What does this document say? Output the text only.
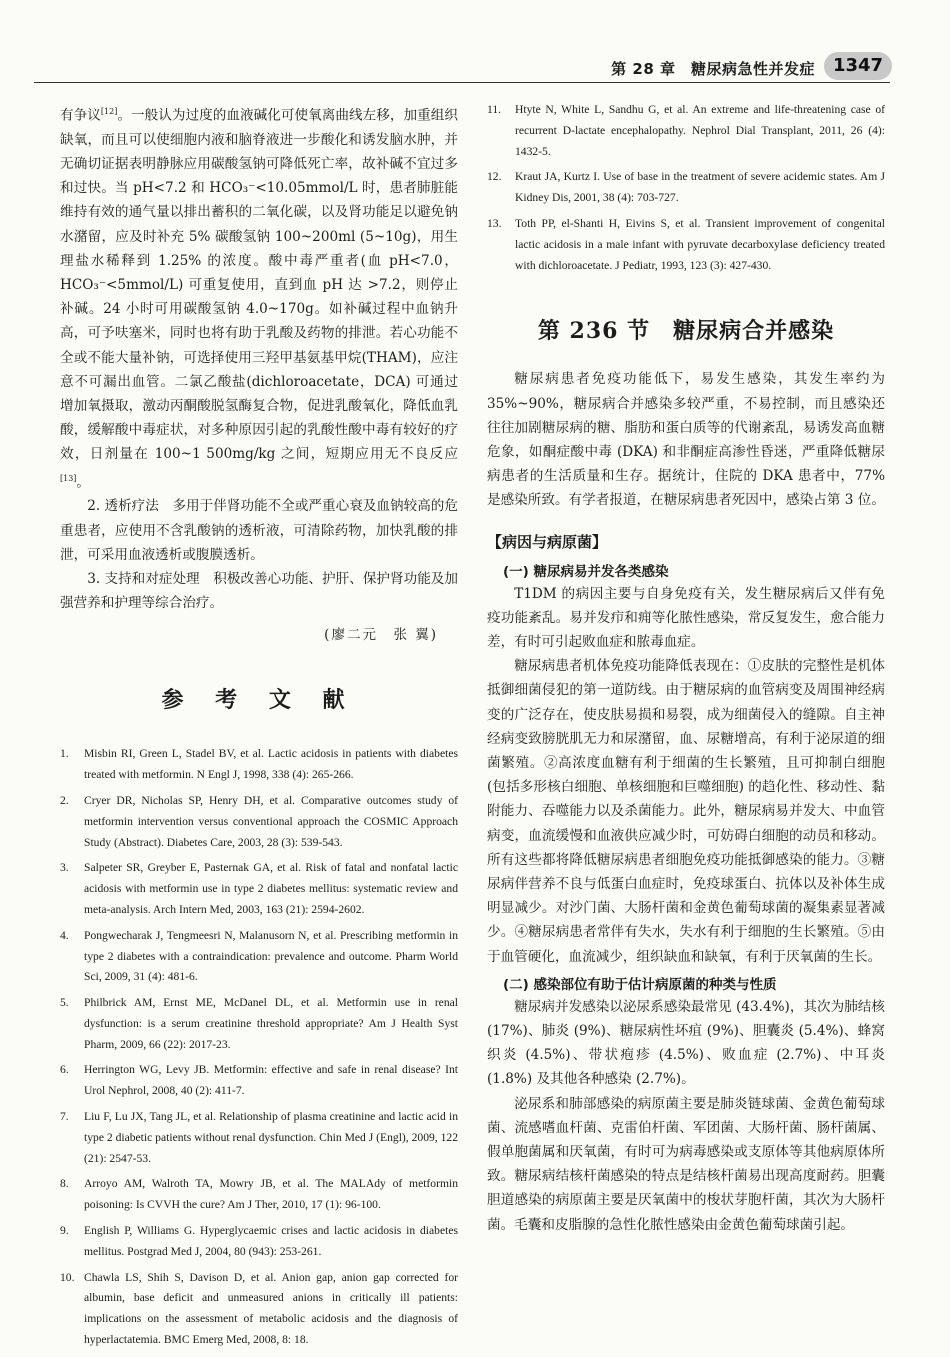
第 28 章　糖尿病急性并发症 1347

有争议[12]。一般认为过度的血液碱化可使氧离曲线左移，加重组织缺氧，而且可以使细胞内液和脑脊液进一步酸化和诱发脑水肿，并无确切证据表明静脉应用碳酸氢钠可降低死亡率，故补碱不宜过多和过快。当 pH<7.2 和 HCO₃⁻<10.05mmol/L 时，患者肺脏能维持有效的通气量以排出蓄积的二氧化碳，以及肾功能足以避免钠水潴留，应及时补充 5% 碳酸氢钠 100~200ml (5~10g)，用生理盐水稀释到 1.25% 的浓度。酸中毒严重者(血 pH<7.0，HCO₃⁻<5mmol/L) 可重复使用，直到血 pH 达 >7.2，则停止补碱。24 小时可用碳酸氢钠 4.0~170g。如补碱过程中血钠升高，可予呋塞米，同时也将有助于乳酸及药物的排泄。若心功能不全或不能大量补钠，可选择使用三羟甲基氨基甲烷(THAM)，应注意不可漏出血管。二氯乙酸盐(dichloroacetate，DCA) 可通过增加氧摄取，激动丙酮酸脱氢酶复合物，促进乳酸氧化，降低血乳酸，缓解酸中毒症状，对多种原因引起的乳酸性酸中毒有较好的疗效，日剂量在 100~1 500mg/kg 之间，短期应用无不良反应[13]。

2. 透析疗法　多用于伴肾功能不全或严重心衰及血钠较高的危重患者，应使用不含乳酸钠的透析液，可清除药物，加快乳酸的排泄，可采用血液透析或腹膜透析。

3. 支持和对症处理　积极改善心功能、护肝、保护肾功能及加强营养和护理等综合治疗。

(廖二元　张 翼)
参 考 文 献
1.	Misbin RI, Green L, Stadel BV, et al. Lactic acidosis in patients with diabetes treated with metformin. N Engl J, 1998, 338 (4): 265-266.
2.	Cryer DR, Nicholas SP, Henry DH, et al. Comparative outcomes study of metformin intervention versus conventional approach the COSMIC Approach Study (Abstract). Diabetes Care, 2003, 28 (3): 539-543.
3.	Salpeter SR, Greyber E, Pasternak GA, et al. Risk of fatal and nonfatal lactic acidosis with metformin use in type 2 diabetes mellitus: systematic review and meta-analysis. Arch Intern Med, 2003, 163 (21): 2594-2602.
4.	Pongwecharak J, Tengmeesri N, Malanusorn N, et al. Prescribing metformin in type 2 diabetes with a contraindication: prevalence and outcome. Pharm World Sci, 2009, 31 (4): 481-6.
5.	Philbrick AM, Ernst ME, McDanel DL, et al. Metformin use in renal dysfunction: is a serum creatinine threshold appropriate? Am J Health Syst Pharm, 2009, 66 (22): 2017-23.
6.	Herrington WG, Levy JB. Metformin: effective and safe in renal disease? Int Urol Nephrol, 2008, 40 (2): 411-7.
7.	Liu F, Lu JX, Tang JL, et al. Relationship of plasma creatinine and lactic acid in type 2 diabetic patients without renal dysfunction. Chin Med J (Engl), 2009, 122 (21): 2547-53.
8.	Arroyo AM, Walroth TA, Mowry JB, et al. The MALAdy of metformin poisoning: Is CVVH the cure? Am J Ther, 2010, 17 (1): 96-100.
9.	English P, Williams G. Hyperglycaemic crises and lactic acidosis in diabetes mellitus. Postgrad Med J, 2004, 80 (943): 253-261.
10. Chawla LS, Shih S, Davison D, et al. Anion gap, anion gap corrected for albumin, base deficit and unmeasured anions in critically ill patients: implications on the assessment of metabolic acidosis and the diagnosis of hyperlactatemia. BMC Emerg Med, 2008, 8: 18.
11.	Htyte N, White L, Sandhu G, et al. An extreme and life-threatening case of recurrent D-lactate encephalopathy. Nephrol Dial Transplant, 2011, 26 (4): 1432-5.
12.	Kraut JA, Kurtz I. Use of base in the treatment of severe acidemic states. Am J Kidney Dis, 2001, 38 (4): 703-727.
13.	Toth PP, el-Shanti H, Eivins S, et al. Transient improvement of congenital lactic acidosis in a male infant with pyruvate decarboxylase deficiency treated with dichloroacetate. J Pediatr, 1993, 123 (3): 427-430.
第 236 节　糖尿病合并感染

糖尿病患者免疫功能低下，易发生感染，其发生率约为 35%~90%，糖尿病合并感染多较严重，不易控制，而且感染还往往加剧糖尿病的糖、脂肪和蛋白质等的代谢紊乱，易诱发高血糖危象，如酮症酸中毒 (DKA) 和非酮症高渗性昏迷，严重降低糖尿病患者的生活质量和生存。据统计，住院的 DKA 患者中，77% 是感染所致。有学者报道，在糖尿病患者死因中，感染占第 3 位。

【病因与病原菌】
(一) 糖尿病易并发各类感染

T1DM 的病因主要与自身免疫有关，发生糖尿病后又伴有免疫功能紊乱。易并发疖和痈等化脓性感染，常反复发生，愈合能力差，有时可引起败血症和脓毒血症。

糖尿病患者机体免疫功能降低表现在：①皮肤的完整性是机体抵御细菌侵犯的第一道防线。由于糖尿病的血管病变及周围神经病变的广泛存在，使皮肤易损和易裂，成为细菌侵入的缝隙。自主神经病变致膀胱肌无力和尿潴留，血、尿糖增高，有利于泌尿道的细菌繁殖。②高浓度血糖有利于细菌的生长繁殖，且可抑制白细胞 (包括多形核白细胞、单核细胞和巨噬细胞) 的趋化性、移动性、黏附能力、吞噬能力以及杀菌能力。此外，糖尿病易并发大、中血管病变，血流缓慢和血液供应减少时，可妨碍白细胞的动员和移动。所有这些都将降低糖尿病患者细胞免疫功能抵御感染的能力。③糖尿病伴营养不良与低蛋白血症时，免疫球蛋白、抗体以及补体生成明显减少。对沙门菌、大肠杆菌和金黄色葡萄球菌的凝集素显著减少。④糖尿病患者常伴有失水，失水有利于细胞的生长繁殖。⑤由于血管硬化，血流减少，组织缺血和缺氧，有利于厌氧菌的生长。

(二) 感染部位有助于估计病原菌的种类与性质

糖尿病并发感染以泌尿系感染最常见 (43.4%)，其次为肺结核 (17%)、肺炎 (9%)、糖尿病性坏疽 (9%)、胆囊炎 (5.4%)、蜂窝织炎 (4.5%)、带状疱疹 (4.5%)、败血症 (2.7%)、中耳炎 (1.8%) 及其他各种感染 (2.7%)。

泌尿系和肺部感染的病原菌主要是肺炎链球菌、金黄色葡萄球菌、流感嗜血杆菌、克雷伯杆菌、军团菌、大肠杆菌、肠杆菌属、假单胞菌属和厌氧菌，有时可为病毒感染或支原体等其他病原体所致。糖尿病结核杆菌感染的特点是结核杆菌易出现高度耐药。胆囊胆道感染的病原菌主要是厌氧菌中的梭状芽胞杆菌，其次为大肠杆菌。毛囊和皮脂腺的急性化脓性感染由金黄色葡萄球菌引起。
